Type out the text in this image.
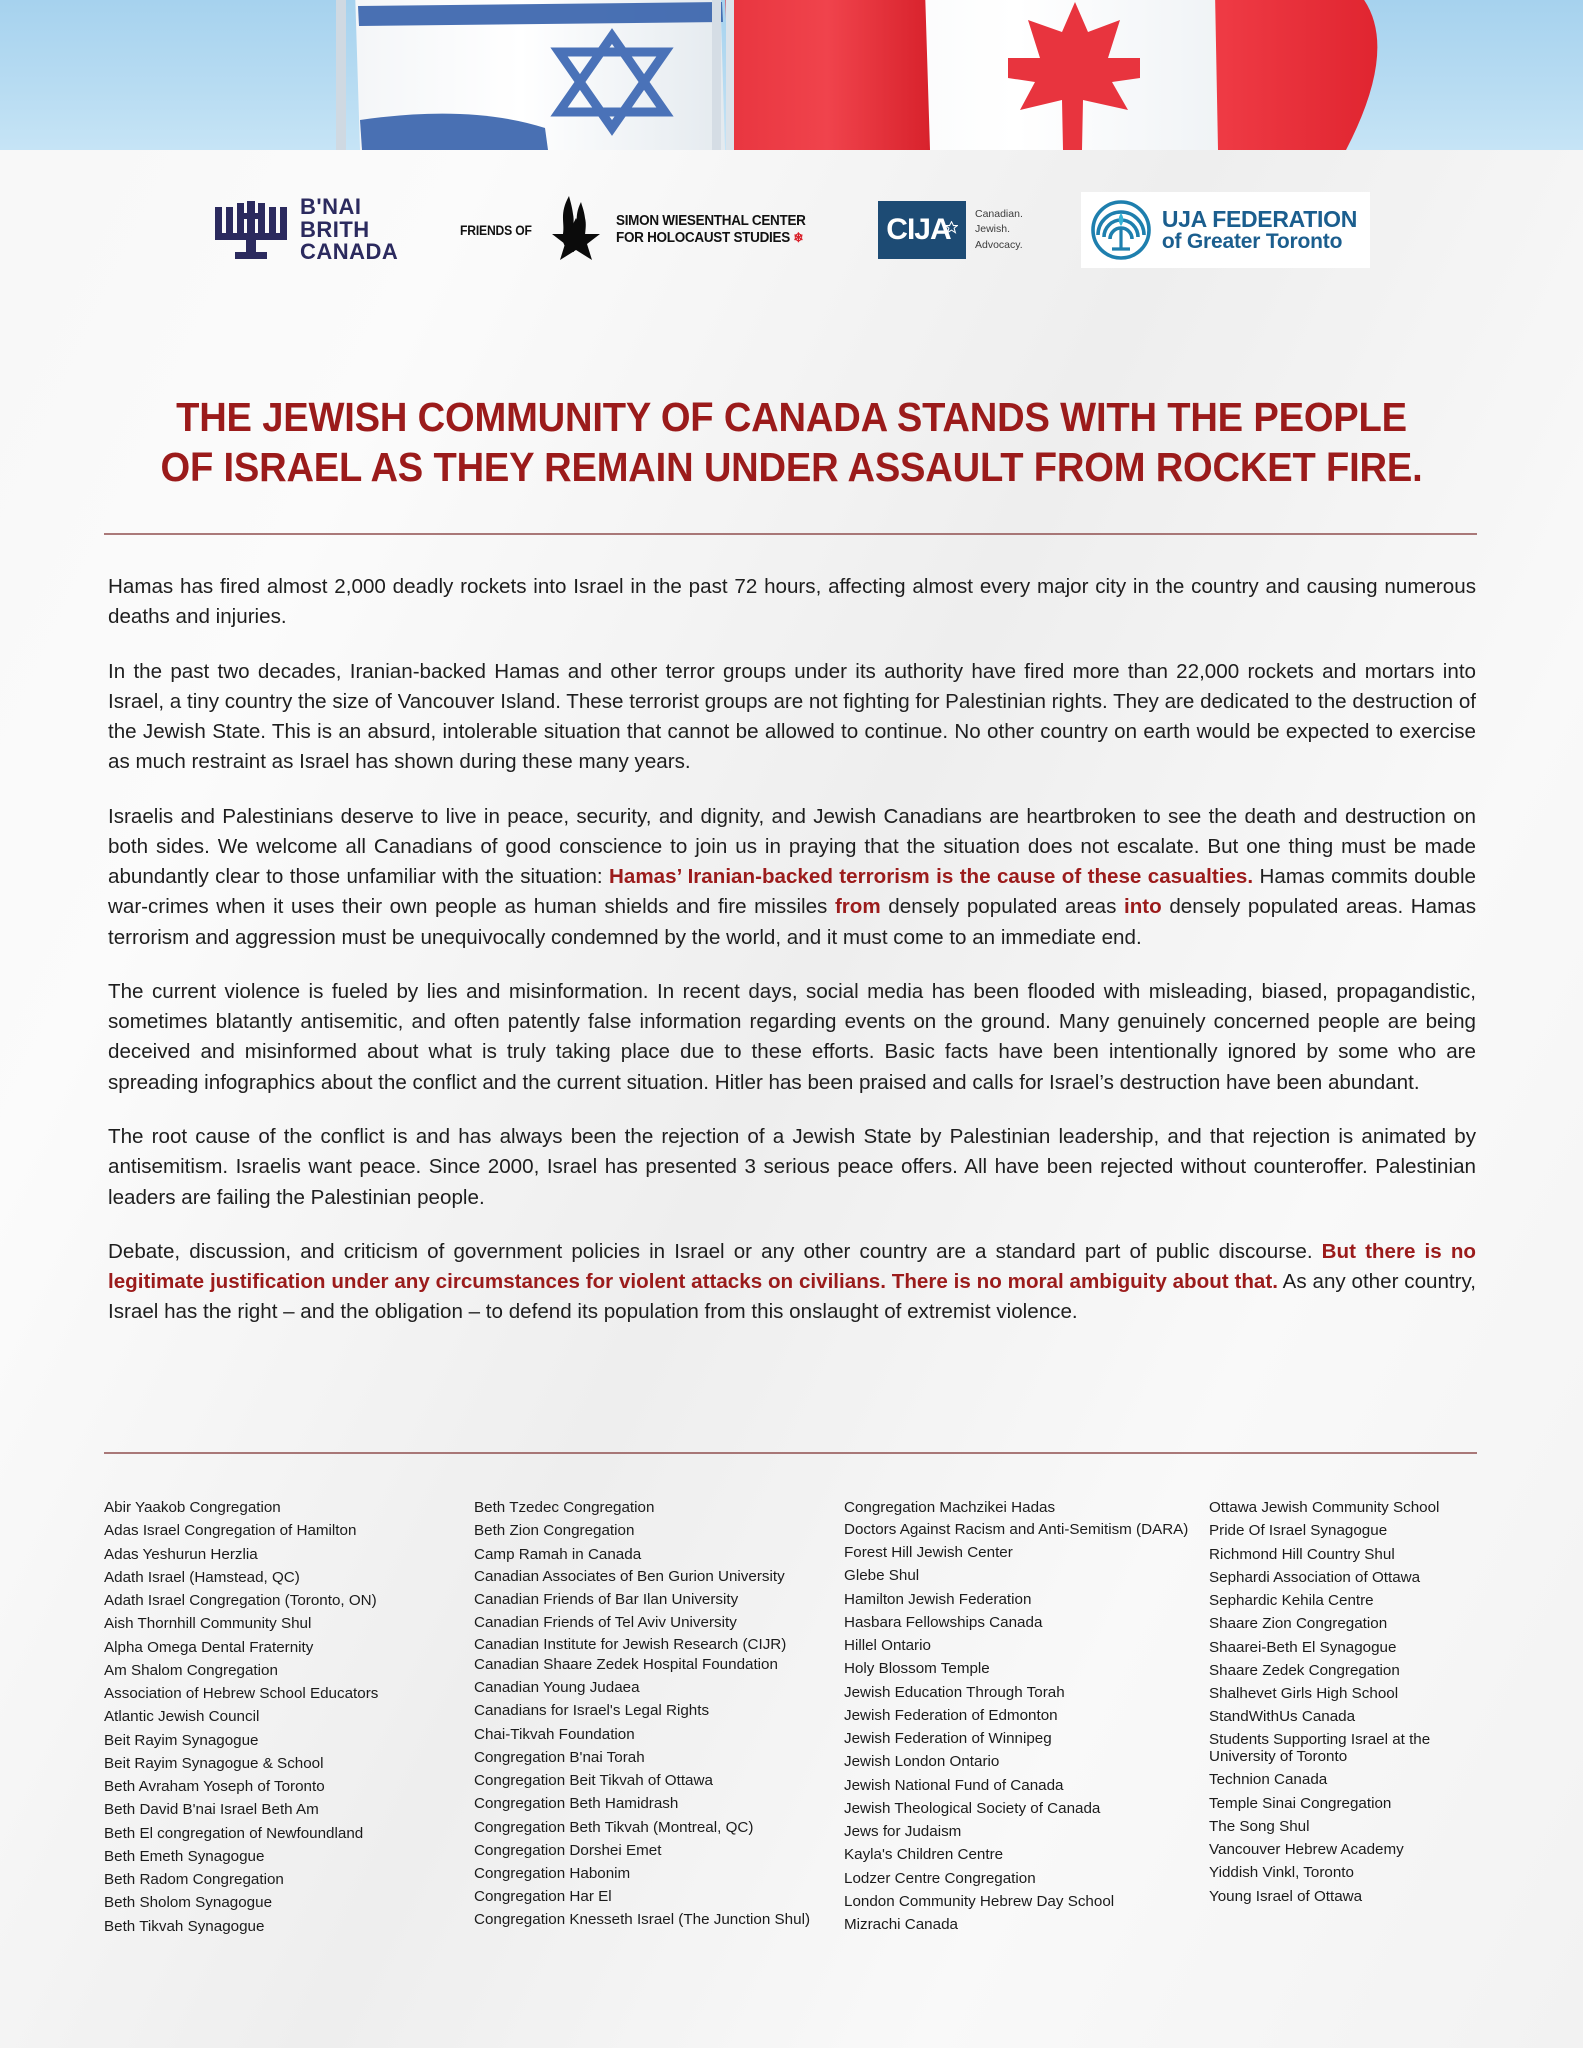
B'NAI
BRITH
CANADA
FRIENDS OF
SIMON WIESENTHAL CENTER
FOR HOLOCAUST STUDIES ❄	CIJA Canadian.
Jewish.
Advocacy.
UJA FEDERATION
of Greater Toronto
THE JEWISH COMMUNITY OF CANADA STANDS WITH THE PEOPLE
OF ISRAEL AS THEY REMAIN UNDER ASSAULT FROM ROCKET FIRE.

Hamas has fired almost 2,000 deadly rockets into Israel in the past 72 hours, affecting almost every major city in the country and causing numerous deaths and injuries.

In the past two decades, Iranian-backed Hamas and other terror groups under its authority have fired more than 22,000 rockets and mortars into Israel, a tiny country the size of Vancouver Island. These terrorist groups are not fighting for Palestinian rights. They are dedicated to the destruction of the Jewish State. This is an absurd, intolerable situation that cannot be allowed to continue. No other country on earth would be expected to exercise as much restraint as Israel has shown during these many years.

Israelis and Palestinians deserve to live in peace, security, and dignity, and Jewish Canadians are heartbroken to see the death and destruction on both sides. We welcome all Canadians of good conscience to join us in praying that the situation does not escalate. But one thing must be made abundantly clear to those unfamiliar with the situation: Hamas’ Iranian-backed terrorism is the cause of these casualties. Hamas commits double war-crimes when it uses their own people as human shields and fire missiles from densely populated areas into densely populated areas. Hamas terrorism and aggression must be unequivocally condemned by the world, and it must come to an immediate end.

The current violence is fueled by lies and misinformation. In recent days, social media has been flooded with misleading, biased, propagandistic, sometimes blatantly antisemitic, and often patently false information regarding events on the ground. Many genuinely concerned people are being deceived and misinformed about what is truly taking place due to these efforts. Basic facts have been intentionally ignored by some who are spreading infographics about the conflict and the current situation. Hitler has been praised and calls for Israel’s destruction have been abundant.

The root cause of the conflict is and has always been the rejection of a Jewish State by Palestinian leadership, and that rejection is animated by antisemitism. Israelis want peace. Since 2000, Israel has presented 3 serious peace offers. All have been rejected without counteroffer. Palestinian leaders are failing the Palestinian people.

Debate, discussion, and criticism of government policies in Israel or any other country are a standard part of public discourse. But there is no legitimate justification under any circumstances for violent attacks on civilians. There is no moral ambiguity about that. As any other country, Israel has the right – and the obligation – to defend its population from this onslaught of extremist violence.

Abir Yaakob Congregation
Adas Israel Congregation of Hamilton
Adas Yeshurun Herzlia
Adath Israel (Hamstead, QC)
Adath Israel Congregation (Toronto, ON)
Aish Thornhill Community Shul
Alpha Omega Dental Fraternity
Am Shalom Congregation
Association of Hebrew School Educators
Atlantic Jewish Council
Beit Rayim Synagogue
Beit Rayim Synagogue & School
Beth Avraham Yoseph of Toronto
Beth David B'nai Israel Beth Am
Beth El congregation of Newfoundland
Beth Emeth Synagogue
Beth Radom Congregation
Beth Sholom Synagogue
Beth Tikvah Synagogue
Beth Tzedec Congregation
Beth Zion Congregation
Camp Ramah in Canada
Canadian Associates of Ben Gurion University
Canadian Friends of Bar Ilan University
Canadian Friends of Tel Aviv University
Canadian Institute for Jewish Research (CIJR)
Canadian Shaare Zedek Hospital Foundation
Canadian Young Judaea
Canadians for Israel's Legal Rights
Chai-Tikvah Foundation
Congregation B'nai Torah
Congregation Beit Tikvah of Ottawa
Congregation Beth Hamidrash
Congregation Beth Tikvah (Montreal, QC)
Congregation Dorshei Emet
Congregation Habonim
Congregation Har El
Congregation Knesseth Israel (The Junction Shul)
Congregation Machzikei Hadas
Doctors Against Racism and Anti-Semitism (DARA)
Forest Hill Jewish Center
Glebe Shul
Hamilton Jewish Federation
Hasbara Fellowships Canada
Hillel Ontario
Holy Blossom Temple
Jewish Education Through Torah
Jewish Federation of Edmonton
Jewish Federation of Winnipeg
Jewish London Ontario
Jewish National Fund of Canada
Jewish Theological Society of Canada
Jews for Judaism
Kayla's Children Centre
Lodzer Centre Congregation
London Community Hebrew Day School
Mizrachi Canada
Ottawa Jewish Community School
Pride Of Israel Synagogue
Richmond Hill Country Shul
Sephardi Association of Ottawa
Sephardic Kehila Centre
Shaare Zion Congregation
Shaarei-Beth El Synagogue
Shaare Zedek Congregation
Shalhevet Girls High School
StandWithUs Canada
Students Supporting Israel at the University of Toronto
Technion Canada
Temple Sinai Congregation
The Song Shul
Vancouver Hebrew Academy
Yiddish Vinkl, Toronto
Young Israel of Ottawa
